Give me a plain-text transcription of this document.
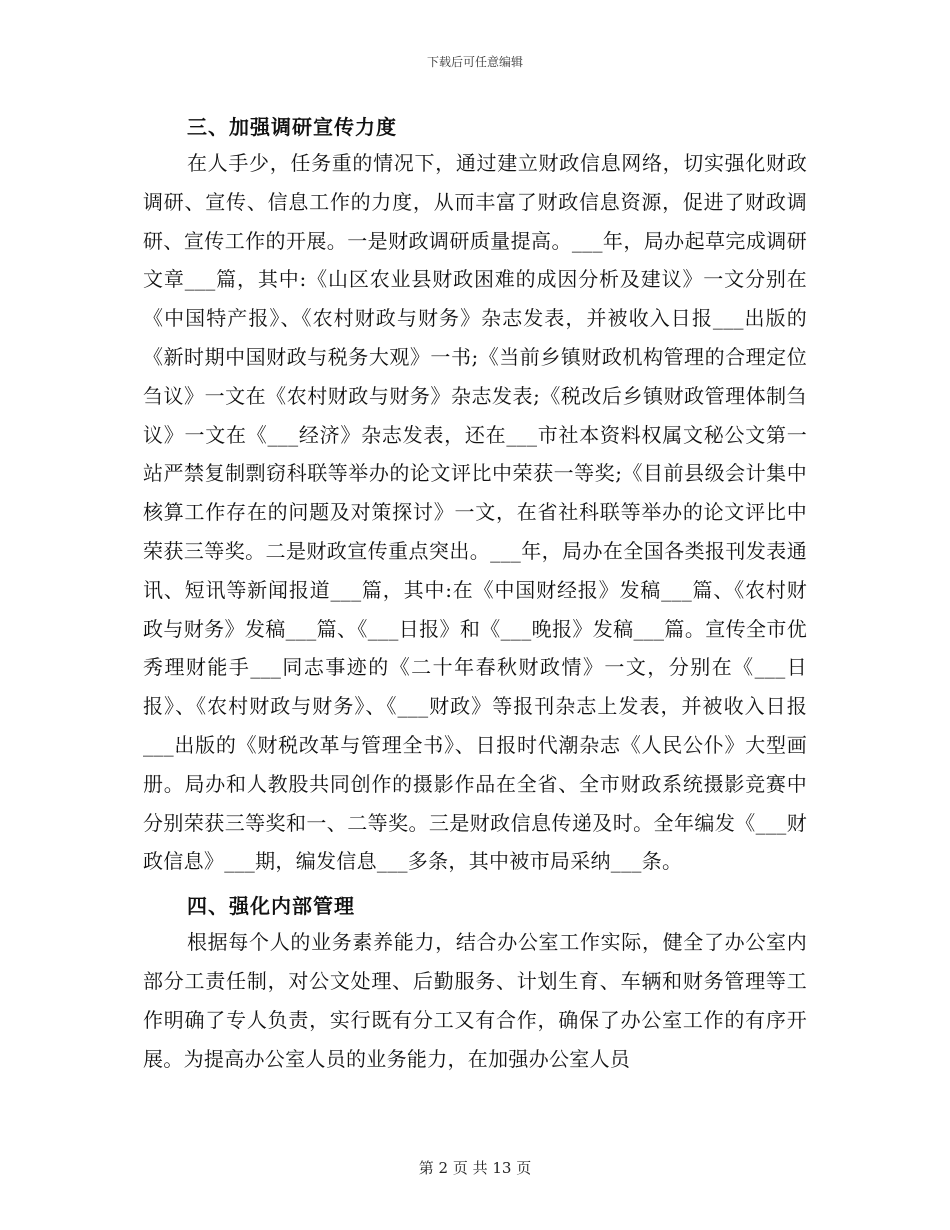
下载后可任意编辑
三、加强调研宣传力度

在人手少，任务重的情况下，通过建立财政信息网络，切实强化财政调研、宣传、信息工作的力度，从而丰富了财政信息资源，促进了财政调研、宣传工作的开展。一是财政调研质量提高。___年，局办起草完成调研文章___篇，其中:《山区农业县财政困难的成因分析及建议》一文分别在《中国特产报》、《农村财政与财务》杂志发表，并被收入日报___出版的《新时期中国财政与税务大观》一书;《当前乡镇财政机构管理的合理定位刍议》一文在《农村财政与财务》杂志发表;《税改后乡镇财政管理体制刍议》一文在《___经济》杂志发表，还在___市社本资料权属文秘公文第一站严禁复制剽窃科联等举办的论文评比中荣获一等奖;《目前县级会计集中核算工作存在的问题及对策探讨》一文，在省社科联等举办的论文评比中荣获三等奖。二是财政宣传重点突出。___年，局办在全国各类报刊发表通讯、短讯等新闻报道___篇，其中:在《中国财经报》发稿___篇、《农村财政与财务》发稿___篇、《___日报》和《___晚报》发稿___篇。宣传全市优秀理财能手___同志事迹的《二十年春秋财政情》一文，分别在《___日报》、《农村财政与财务》、《___财政》等报刊杂志上发表，并被收入日报___出版的《财税改革与管理全书》、日报时代潮杂志《人民公仆》大型画册。局办和人教股共同创作的摄影作品在全省、全市财政系统摄影竞赛中分别荣获三等奖和一、二等奖。三是财政信息传递及时。全年编发《___财政信息》___期，编发信息___多条，其中被市局采纳___条。

四、强化内部管理

根据每个人的业务素养能力，结合办公室工作实际，健全了办公室内部分工责任制，对公文处理、后勤服务、计划生育、车辆和财务管理等工作明确了专人负责，实行既有分工又有合作，确保了办公室工作的有序开展。为提高办公室人员的业务能力，在加强办公室人员

第 2 页 共 13 页
